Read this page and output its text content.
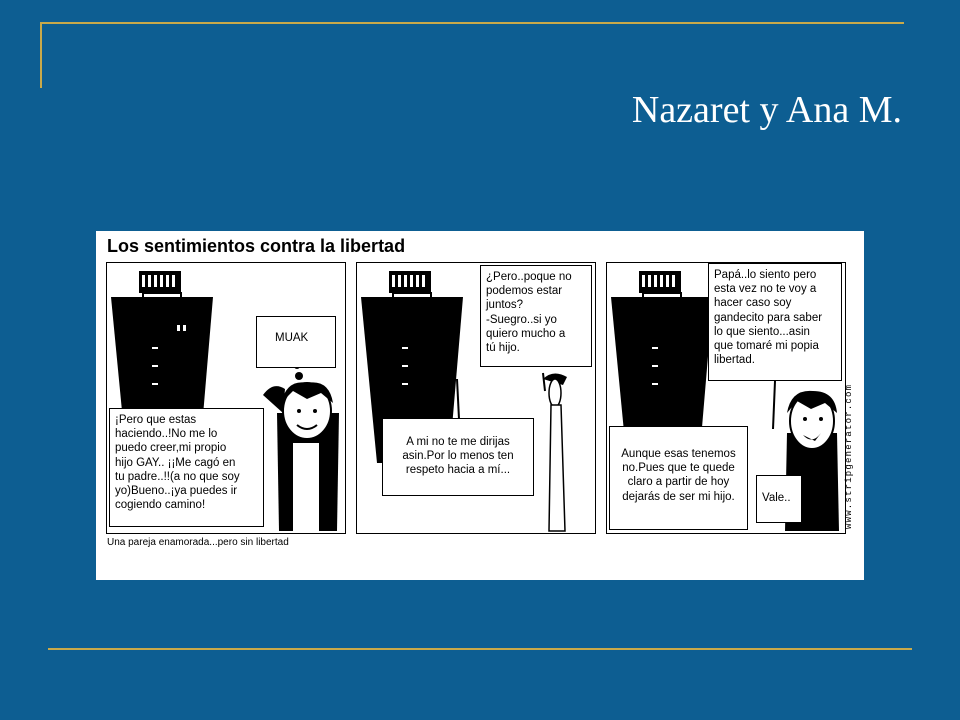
Nazaret y Ana M.
Los sentimientos contra la libertad
MUAK
¡Pero que estas
haciendo..!No me lo
puedo creer,mi propio
hijo GAY.. ¡¡Me cagó en
tu padre..!!(a no que soy
yo)Bueno..¡ya puedes ir
cogiendo camino!
¿Pero..poque no
podemos estar
juntos?
-Suegro..si yo
quiero mucho a
tú hijo.
A mi no te me dirijas
asin.Por lo menos ten
respeto hacia a mí...
Papá..lo siento pero
esta vez no te voy a
hacer caso soy
gandecito para saber
lo que siento...asin
que tomaré mi popia
libertad.
Aunque esas tenemos
no.Pues que te quede
claro a partir de hoy
dejarás de ser mi hijo.	Vale..	www.stripgenerator.com
Una pareja enamorada...pero sin libertad
